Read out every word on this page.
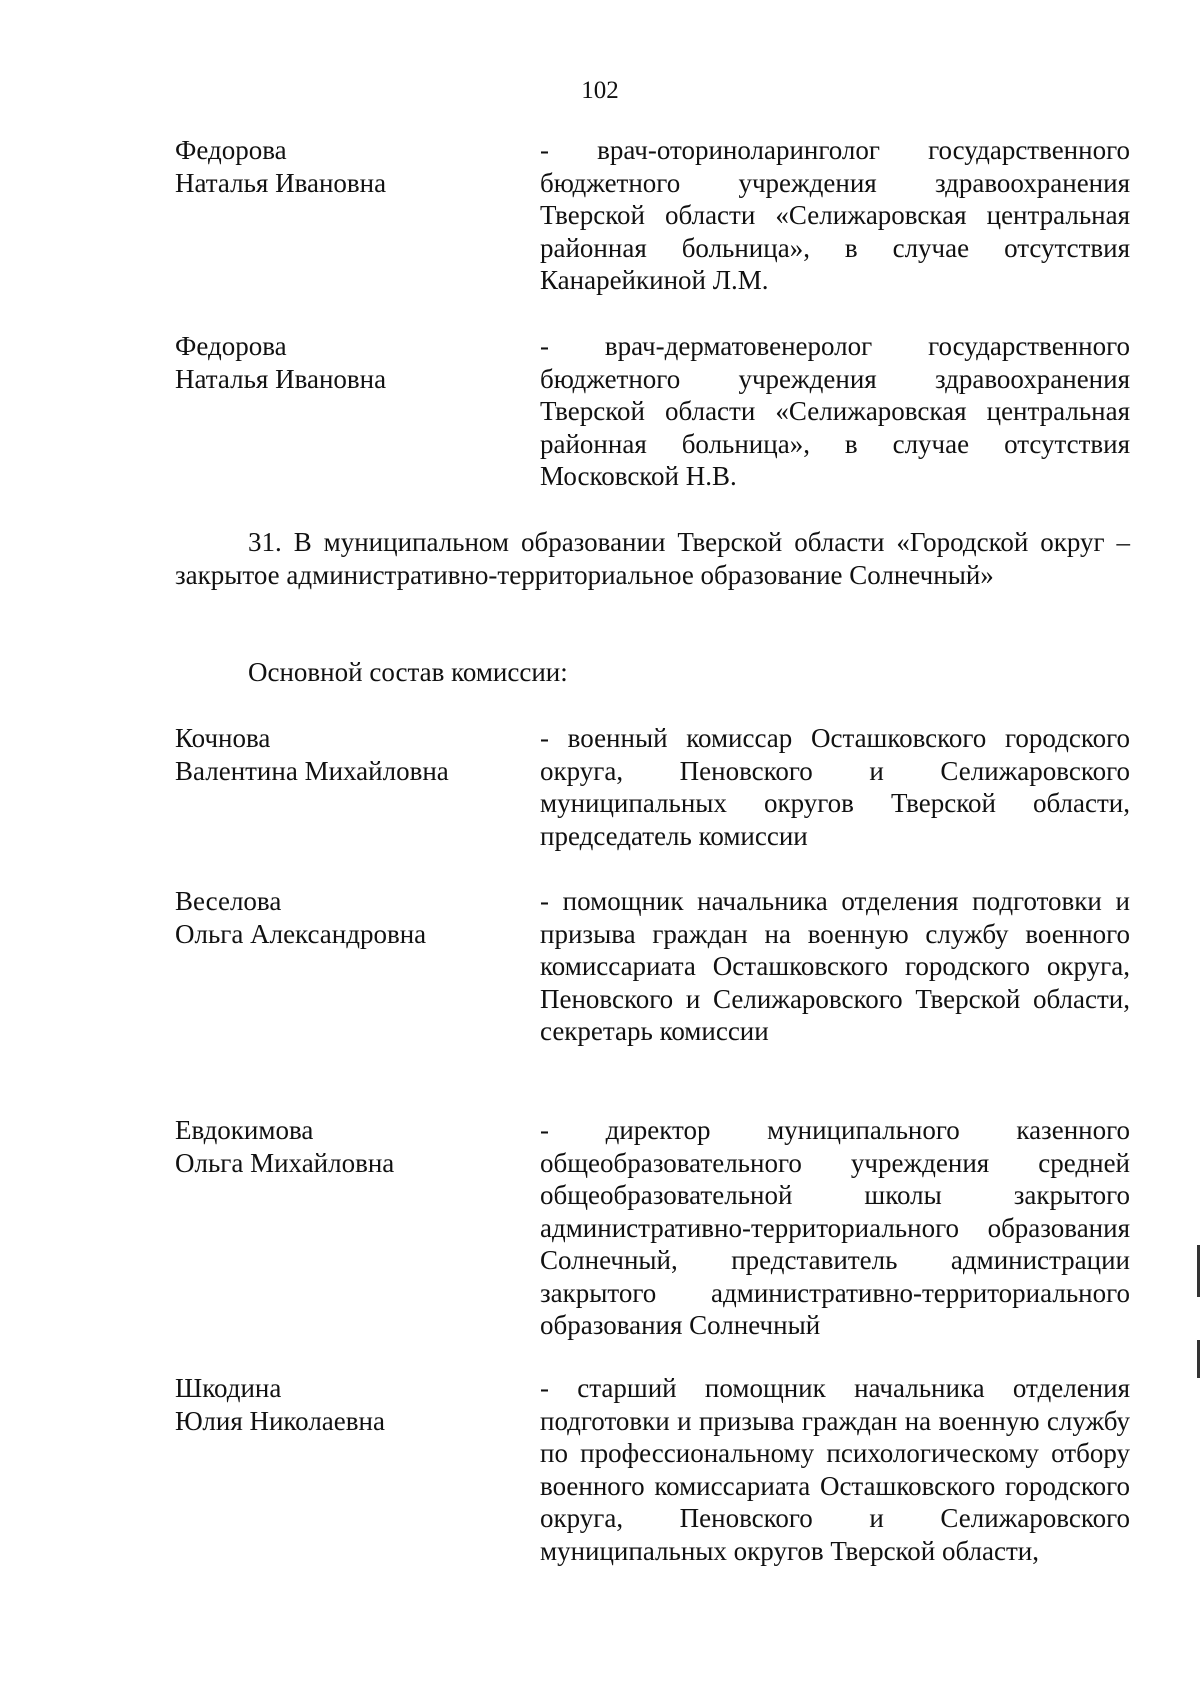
102
Федорова
Наталья Ивановна
- врач-оториноларинголог государственного бюджетного учреждения здравоохранения Тверской области «Селижаровская центральная районная больница», в случае отсутствия Канарейкиной Л.М.
Федорова
Наталья Ивановна
- врач-дерматовенеролог государственного бюджетного учреждения здравоохранения Тверской области «Селижаровская центральная районная больница», в случае отсутствия Московской Н.В.
31. В муниципальном образовании Тверской области «Городской округ – закрытое административно-территориальное образование Солнечный»
Основной состав комиссии:
Кочнова
Валентина Михайловна
- военный комиссар Осташковского городского округа, Пеновского и Селижаровского муниципальных округов Тверской области, председатель комиссии
Веселова
Ольга Александровна
- помощник начальника отделения подготовки и призыва граждан на военную службу военного комиссариата Осташковского городского округа, Пеновского и Селижаровского Тверской области, секретарь комиссии
Евдокимова
Ольга Михайловна
- директор муниципального казенного общеобразовательного учреждения средней общеобразовательной школы закрытого административно-территориального образования Солнечный, представитель администрации закрытого административно-территориального образования Солнечный
Шкодина
Юлия Николаевна
- старший помощник начальника отделения подготовки и призыва граждан на военную службу по профессиональному психологическому отбору военного комиссариата Осташковского городского округа, Пеновского и Селижаровского муниципальных округов Тверской области,
